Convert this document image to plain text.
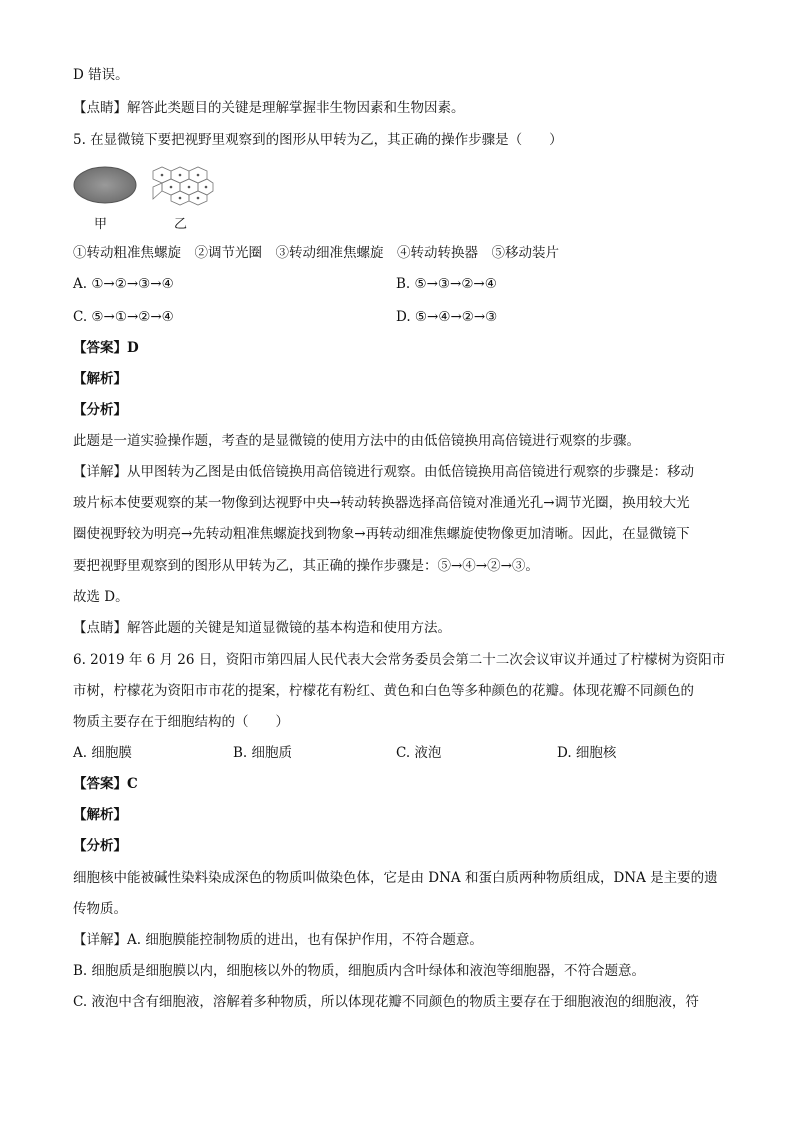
D 错误。
【点睛】解答此类题目的关键是理解掌握非生物因素和生物因素。
5. 在显微镜下要把视野里观察到的图形从甲转为乙，其正确的操作步骤是（　　）
甲	乙
①转动粗准焦螺旋　②调节光圈　③转动细准焦螺旋　④转动转换器　⑤移动装片
A. ①→②→③→④	B. ⑤→③→②→④
C. ⑤→①→②→④	D. ⑤→④→②→③
【答案】D
【解析】
【分析】
此题是一道实验操作题，考查的是显微镜的使用方法中的由低倍镜换用高倍镜进行观察的步骤。
【详解】从甲图转为乙图是由低倍镜换用高倍镜进行观察。由低倍镜换用高倍镜进行观察的步骤是：移动
玻片标本使要观察的某一物像到达视野中央→转动转换器选择高倍镜对准通光孔→调节光圈，换用较大光
圈使视野较为明亮→先转动粗准焦螺旋找到物象→再转动细准焦螺旋使物像更加清晰。因此，在显微镜下
要把视野里观察到的图形从甲转为乙，其正确的操作步骤是：⑤→④→②→③。
故选 D。
【点睛】解答此题的关键是知道显微镜的基本构造和使用方法。
6. 2019 年 6 月 26 日，资阳市第四届人民代表大会常务委员会第二十二次会议审议并通过了柠檬树为资阳市
市树，柠檬花为资阳市市花的提案，柠檬花有粉红、黄色和白色等多种颜色的花瓣。体现花瓣不同颜色的
物质主要存在于细胞结构的（　　）
A. 细胞膜	B. 细胞质	C. 液泡	D. 细胞核
【答案】C
【解析】
【分析】
细胞核中能被碱性染料染成深色的物质叫做染色体，它是由 DNA 和蛋白质两种物质组成，DNA 是主要的遗
传物质。
【详解】A. 细胞膜能控制物质的进出，也有保护作用，不符合题意。
B. 细胞质是细胞膜以内，细胞核以外的物质，细胞质内含叶绿体和液泡等细胞器，不符合题意。
C. 液泡中含有细胞液，溶解着多种物质，所以体现花瓣不同颜色的物质主要存在于细胞液泡的细胞液，符
